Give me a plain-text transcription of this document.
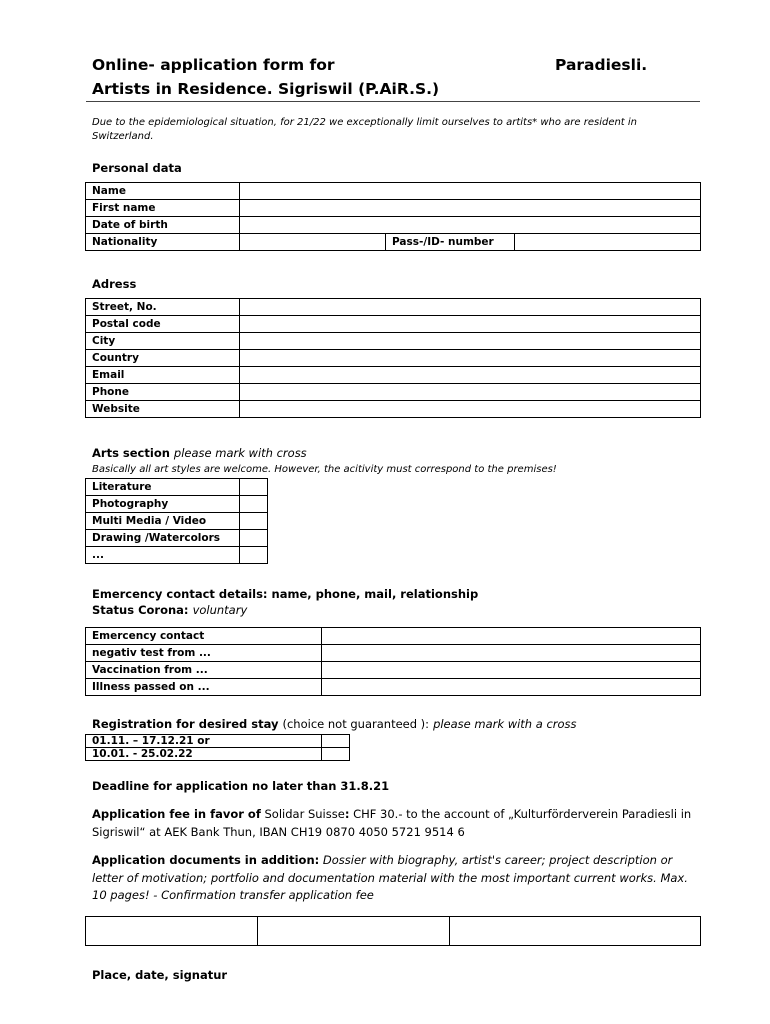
Online- application form for	Paradiesli.
Artists in Residence. Sigriswil (P.AiR.S.)
Due to the epidemiological situation, for 21/22 we exceptionally limit ourselves to artits* who are resident in Switzerland.
Personal data
Name			
First name			
Date of birth			
Nationality		Pass-/ID- number	
Adress
Street, No.	
Postal code	
City	
Country	
Email	
Phone	
Website	
Arts section please mark with cross
Basically all art styles are welcome. However, the acitivity must correspond to the premises!
Literature	
Photography	
Multi Media / Video	
Drawing /Watercolors	
...	
Emercency contact details: name, phone, mail, relationship
Status Corona: voluntary
Emercency contact	
negativ test from ...	
Vaccination from ...	
Illness passed on ...	
Registration for desired stay (choice not guaranteed ): please mark with a cross
01.11. – 17.12.21 or	
10.01. - 25.02.22	
Deadline for application no later than 31.8.21
Application fee in favor of Solidar Suisse: CHF 30.- to the account of „Kulturförderverein Paradiesli in Sigriswil“ at AEK Bank Thun, IBAN CH19 0870 4050 5721 9514 6
Application documents in addition: Dossier with biography, artist's career; project description or letter of motivation; portfolio and documentation material with the most important current works. Max. 10 pages! - Confirmation transfer application fee

Place, date, signatur
